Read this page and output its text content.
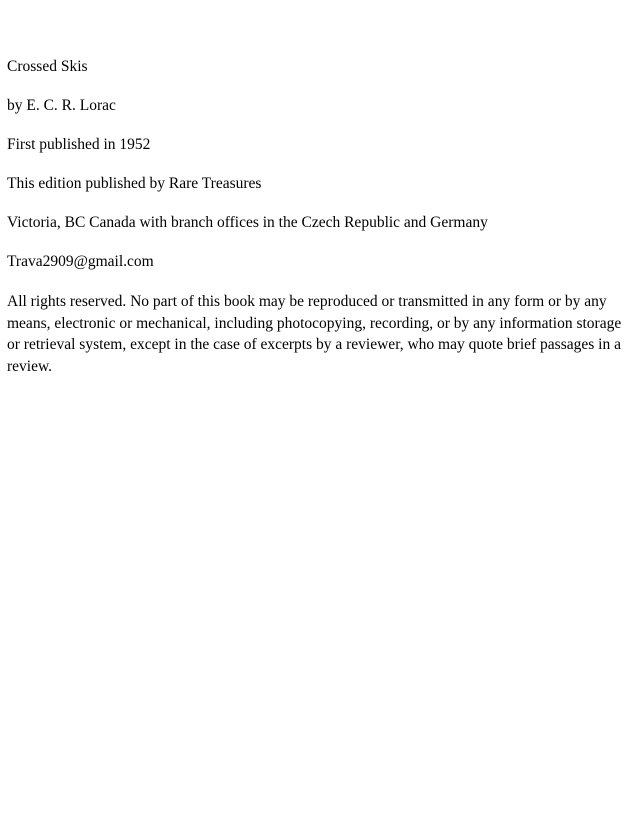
Crossed Skis

by E. C. R. Lorac

First published in 1952

This edition published by Rare Treasures

Victoria, BC Canada with branch offices in the Czech Republic and Germany

Trava2909@gmail.com

All rights reserved. No part of this book may be reproduced or transmitted in any form or by any means, electronic or mechanical, including photocopying, recording, or by any information storage or retrieval system, except in the case of excerpts by a reviewer, who may quote brief passages in a review.
